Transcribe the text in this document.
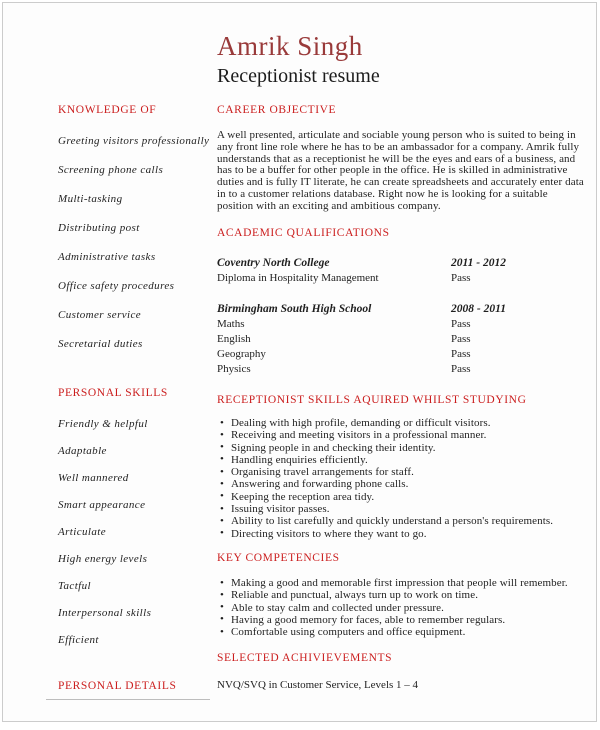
Amrik Singh
Receptionist resume
KNOWLEDGE OF
Greeting visitors professionally
Screening phone calls
Multi-tasking
Distributing post
Administrative tasks
Office safety procedures
Customer service
Secretarial duties
PERSONAL SKILLS
Friendly & helpful
Adaptable
Well mannered
Smart appearance
Articulate
High energy levels
Tactful
Interpersonal skills
Efficient
PERSONAL DETAILS
CAREER OBJECTIVE

A well presented, articulate and sociable young person who is suited to being in any front line role where he has to be an ambassador for a company. Amrik fully understands that as a receptionist he will be the eyes and ears of a business, and has to be a buffer for other people in the office. He is skilled in administrative duties and is fully IT literate, he can create spreadsheets and accurately enter data in to a customer relations database. Right now he is looking for a suitable position with an exciting and ambitious company.

ACADEMIC QUALIFICATIONS
Coventry North College	2011 - 2012
Diploma in Hospitality Management	Pass
Birmingham South High School	2008 - 2011
Maths	Pass
English	Pass
Geography	Pass
Physics	Pass
RECEPTIONIST SKILLS AQUIRED WHILST STUDYING
• Dealing with high profile, demanding or difficult visitors.
• Receiving and meeting visitors in a professional manner.
• Signing people in and checking their identity.
• Handling enquiries efficiently.
• Organising travel arrangements for staff.
• Answering and forwarding phone calls.
• Keeping the reception area tidy.
• Issuing visitor passes.
• Ability to list carefully and quickly understand a person's requirements.
• Directing visitors to where they want to go.
KEY COMPETENCIES
• Making a good and memorable first impression that people will remember.
• Reliable and punctual, always turn up to work on time.
• Able to stay calm and collected under pressure.
• Having a good memory for faces, able to remember regulars.
• Comfortable using computers and office equipment.
SELECTED ACHIVIEVEMENTS

NVQ/SVQ in Customer Service, Levels 1 – 4
